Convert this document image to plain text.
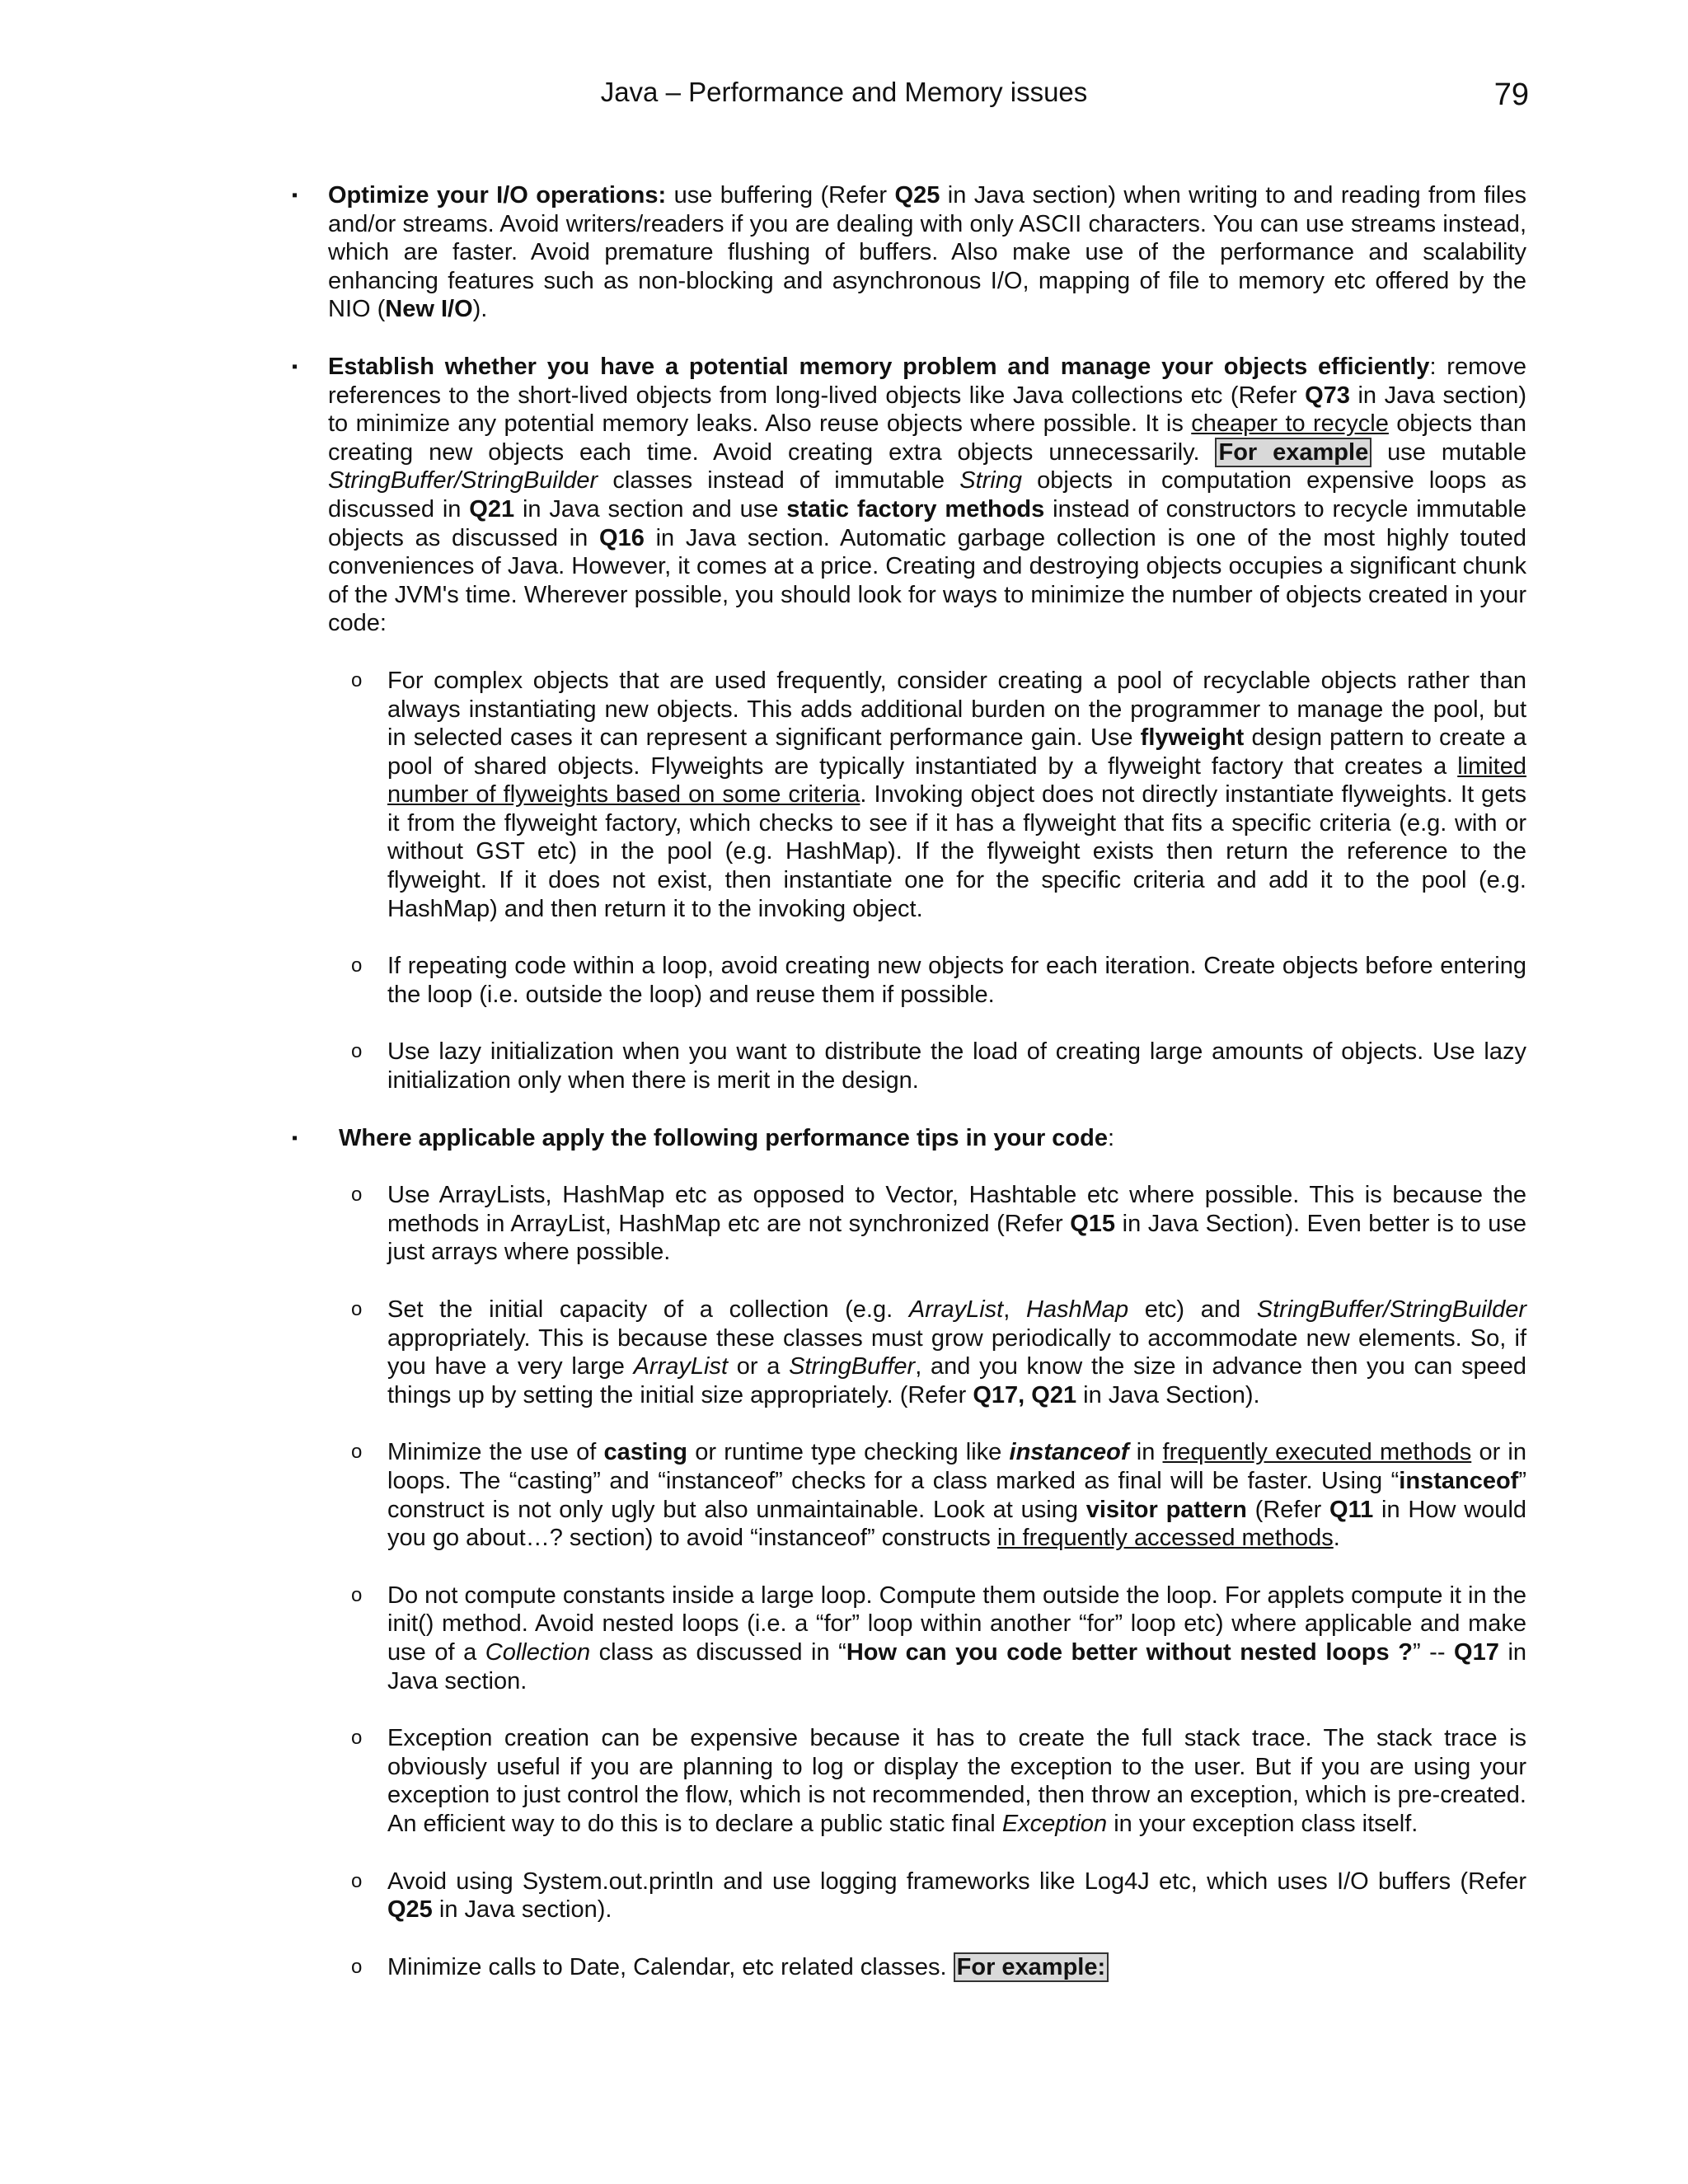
Java – Performance and Memory issues	79
▪ Optimize your I/O operations: use buffering (Refer Q25 in Java section) when writing to and reading from files and/or streams. Avoid writers/readers if you are dealing with only ASCII characters. You can use streams instead, which are faster. Avoid premature flushing of buffers. Also make use of the performance and scalability enhancing features such as non-blocking and asynchronous I/O, mapping of file to memory etc offered by the NIO (New I/O).
▪ Establish whether you have a potential memory problem and manage your objects efficiently: remove references to the short-lived objects from long-lived objects like Java collections etc (Refer Q73 in Java section) to minimize any potential memory leaks. Also reuse objects where possible. It is cheaper to recycle objects than creating new objects each time. Avoid creating extra objects unnecessarily. For example use mutable StringBuffer/StringBuilder classes instead of immutable String objects in computation expensive loops as discussed in Q21 in Java section and use static factory methods instead of constructors to recycle immutable objects as discussed in Q16 in Java section. Automatic garbage collection is one of the most highly touted conveniences of Java. However, it comes at a price. Creating and destroying objects occupies a significant chunk of the JVM's time. Wherever possible, you should look for ways to minimize the number of objects created in your code:
o For complex objects that are used frequently, consider creating a pool of recyclable objects rather than always instantiating new objects. This adds additional burden on the programmer to manage the pool, but in selected cases it can represent a significant performance gain. Use flyweight design pattern to create a pool of shared objects. Flyweights are typically instantiated by a flyweight factory that creates a limited number of flyweights based on some criteria. Invoking object does not directly instantiate flyweights. It gets it from the flyweight factory, which checks to see if it has a flyweight that fits a specific criteria (e.g. with or without GST etc) in the pool (e.g. HashMap). If the flyweight exists then return the reference to the flyweight. If it does not exist, then instantiate one for the specific criteria and add it to the pool (e.g. HashMap) and then return it to the invoking object.
o If repeating code within a loop, avoid creating new objects for each iteration. Create objects before entering the loop (i.e. outside the loop) and reuse them if possible.
o Use lazy initialization when you want to distribute the load of creating large amounts of objects. Use lazy initialization only when there is merit in the design.
▪ Where applicable apply the following performance tips in your code:
o Use ArrayLists, HashMap etc as opposed to Vector, Hashtable etc where possible. This is because the methods in ArrayList, HashMap etc are not synchronized (Refer Q15 in Java Section). Even better is to use just arrays where possible.
o Set the initial capacity of a collection (e.g. ArrayList, HashMap etc) and StringBuffer/StringBuilder appropriately. This is because these classes must grow periodically to accommodate new elements. So, if you have a very large ArrayList or a StringBuffer, and you know the size in advance then you can speed things up by setting the initial size appropriately. (Refer Q17, Q21 in Java Section).
o Minimize the use of casting or runtime type checking like instanceof in frequently executed methods or in loops. The “casting” and “instanceof” checks for a class marked as final will be faster. Using “instanceof” construct is not only ugly but also unmaintainable. Look at using visitor pattern (Refer Q11 in How would you go about…? section) to avoid “instanceof” constructs in frequently accessed methods.
o Do not compute constants inside a large loop. Compute them outside the loop. For applets compute it in the init() method. Avoid nested loops (i.e. a “for” loop within another “for” loop etc) where applicable and make use of a Collection class as discussed in “How can you code better without nested loops ?” -- Q17 in Java section.
o Exception creation can be expensive because it has to create the full stack trace. The stack trace is obviously useful if you are planning to log or display the exception to the user. But if you are using your exception to just control the flow, which is not recommended, then throw an exception, which is pre-created. An efficient way to do this is to declare a public static final Exception in your exception class itself.
o Avoid using System.out.println and use logging frameworks like Log4J etc, which uses I/O buffers (Refer Q25 in Java section).
o Minimize calls to Date, Calendar, etc related classes. For example:
